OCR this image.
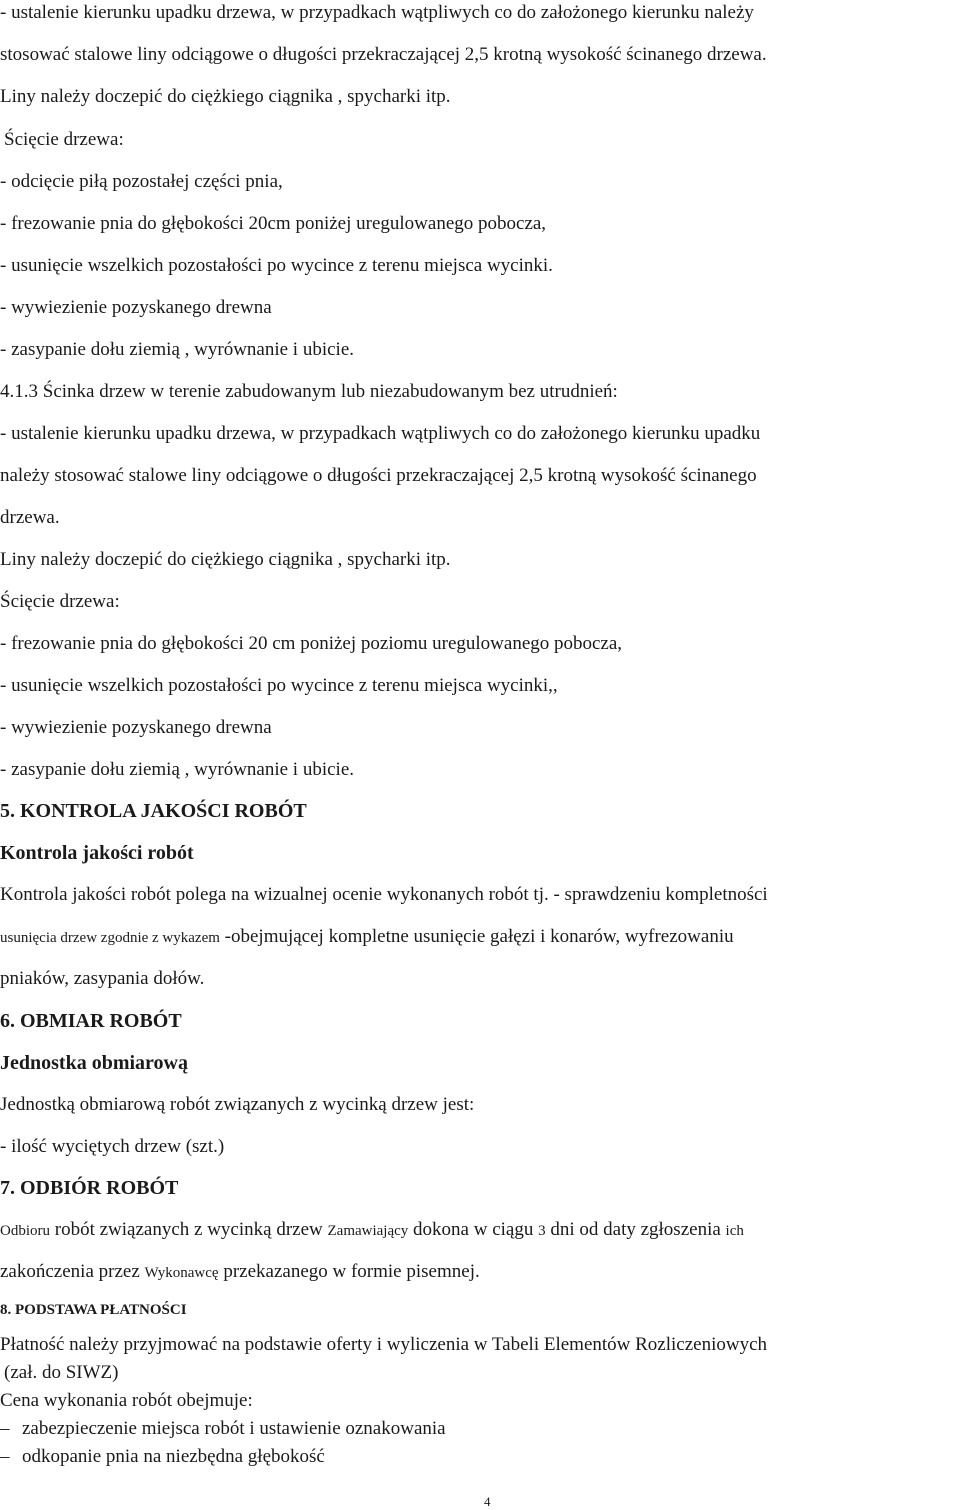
- ustalenie kierunku upadku drzewa, w przypadkach wątpliwych co do założonego kierunku należy
stosować stalowe liny odciągowe o długości przekraczającej 2,5 krotną wysokość ścinanego drzewa.
Liny należy doczepić do ciężkiego ciągnika , spycharki itp.
Ścięcie drzewa:
- odcięcie piłą pozostałej części pnia,
- frezowanie pnia do głębokości 20cm poniżej uregulowanego pobocza,
- usunięcie wszelkich pozostałości po wycince z terenu miejsca wycinki.
- wywiezienie pozyskanego drewna
- zasypanie dołu ziemią , wyrównanie i ubicie.
4.1.3 Ścinka drzew w terenie zabudowanym lub niezabudowanym bez utrudnień:
- ustalenie kierunku upadku drzewa, w przypadkach wątpliwych co do założonego kierunku upadku
należy stosować stalowe liny odciągowe o długości przekraczającej 2,5 krotną wysokość ścinanego
drzewa.
Liny należy doczepić do ciężkiego ciągnika , spycharki itp.
Ścięcie drzewa:
- frezowanie pnia do głębokości 20 cm poniżej poziomu uregulowanego pobocza,
- usunięcie wszelkich pozostałości po wycince z terenu miejsca wycinki,,
- wywiezienie pozyskanego drewna
- zasypanie dołu ziemią , wyrównanie i ubicie.
5. KONTROLA JAKOŚCI ROBÓT
Kontrola jakości robót
Kontrola jakości robót polega na wizualnej ocenie wykonanych robót tj. - sprawdzeniu kompletności
usunięcia drzew zgodnie z wykazem -obejmującej kompletne usunięcie gałęzi i konarów, wyfrezowaniu
pniaków, zasypania dołów.
6. OBMIAR ROBÓT
Jednostka obmiarową
Jednostką obmiarową robót związanych z wycinką drzew jest:
- ilość wyciętych drzew (szt.)
7. ODBIÓR ROBÓT
Odbioru robót związanych z wycinką drzew Zamawiający dokona w ciągu 3 dni od daty zgłoszenia ich
zakończenia przez Wykonawcę przekazanego w formie pisemnej.
8. PODSTAWA PŁATNOŚCI
Płatność należy przyjmować na podstawie oferty i wyliczenia w Tabeli Elementów Rozliczeniowych
(zał. do SIWZ)
Cena wykonania robót obejmuje:
– zabezpieczenie miejsca robót i ustawienie oznakowania
– odkopanie pnia na niezbędna głębokość
4
